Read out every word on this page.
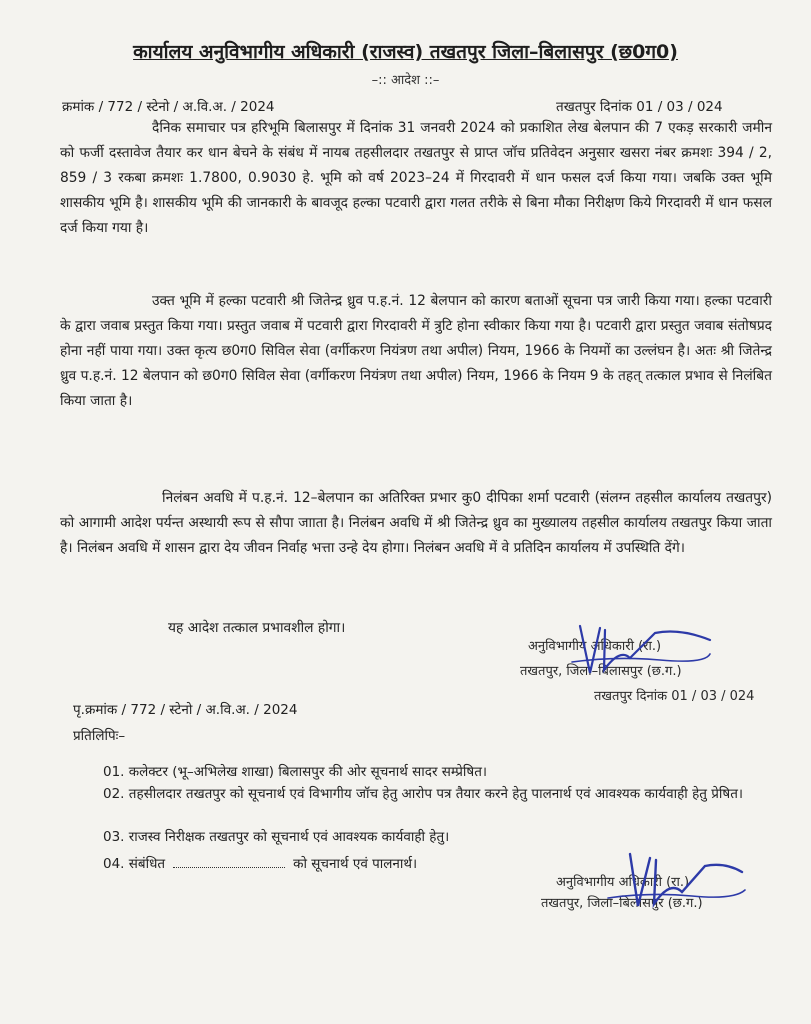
कार्यालय अनुविभागीय अधिकारी (राजस्व) तखतपुर जिला–बिलासपुर (छ0ग0)
–:: आदेश ::–
क्रमांक / 772 / स्टेनो / अ.वि.अ. / 2024	तखतपुर दिनांक 01 / 03 / 024
दैनिक समाचार पत्र हरिभूमि बिलासपुर में दिनांक 31 जनवरी 2024 को प्रकाशित लेख बेलपान की 7 एकड़ सरकारी जमीन को फर्जी दस्तावेज तैयार कर धान बेचने के संबंध में नायब तहसीलदार तखतपुर से प्राप्त जॉच प्रतिवेदन अनुसार खसरा नंबर क्रमशः 394 / 2, 859 / 3 रकबा क्रमशः 1.7800, 0.9030 हे. भूमि को वर्ष 2023–24 में गिरदावरी में धान फसल दर्ज किया गया। जबकि उक्त भूमि शासकीय भूमि है। शासकीय भूमि की जानकारी के बावजूद हल्का पटवारी द्वारा गलत तरीके से बिना मौका निरीक्षण किये गिरदावरी में धान फसल दर्ज किया गया है।
उक्त भूमि में हल्का पटवारी श्री जितेन्द्र ध्रुव प.ह.नं. 12 बेलपान को कारण बताओं सूचना पत्र जारी किया गया। हल्का पटवारी के द्वारा जवाब प्रस्तुत किया गया। प्रस्तुत जवाब में पटवारी द्वारा गिरदावरी में त्रुटि होना स्वीकार किया गया है। पटवारी द्वारा प्रस्तुत जवाब संतोषप्रद होना नहीं पाया गया। उक्त कृत्य छ0ग0 सिविल सेवा (वर्गीकरण नियंत्रण तथा अपील) नियम, 1966 के नियमों का उल्लंघन है। अतः श्री जितेन्द्र ध्रुव प.ह.नं. 12 बेलपान को छ0ग0 सिविल सेवा (वर्गीकरण नियंत्रण तथा अपील) नियम, 1966 के नियम 9 के तहत् तत्काल प्रभाव से निलंबित किया जाता है।
निलंबन अवधि में प.ह.नं. 12–बेलपान का अतिरिक्त प्रभार कु0 दीपिका शर्मा पटवारी (संलग्न तहसील कार्यालय तखतपुर) को आगामी आदेश पर्यन्त अस्थायी रूप से सौपा जााता है। निलंबन अवधि में श्री जितेन्द्र ध्रुव का मुख्यालय तहसील कार्यालय तखतपुर किया जाता है। निलंबन अवधि में शासन द्वारा देय जीवन निर्वाह भत्ता उन्हे देय होगा। निलंबन अवधि में वे प्रतिदिन कार्यालय में उपस्थिति देंगे।
यह आदेश तत्काल प्रभावशील होगा।
अनुविभागीय अधिकारी (रा.)
तखतपुर, जिला–बिलासपुर (छ.ग.)
तखतपुर दिनांक 01 / 03 / 024
पृ.क्रमांक / 772 / स्टेनो / अ.वि.अ. / 2024
प्रतिलिपिः–
01. कलेक्टर (भू–अभिलेख शाखा) बिलासपुर की ओर सूचनार्थ सादर सम्प्रेषित।
02. तहसीलदार तखतपुर को सूचनार्थ एवं विभागीय जॉच हेतु आरोप पत्र तैयार करने हेतु पालनार्थ एवं आवश्यक कार्यवाही हेतु प्रेषित।
03. राजस्व निरीक्षक तखतपुर को सूचनार्थ एवं आवश्यक कार्यवाही हेतु।
04. संबंधित	को सूचनार्थ एवं पालनार्थ।
अनुविभागीय अधिकारी (रा.)
तखतपुर, जिला–बिलासपुर (छ.ग.)
